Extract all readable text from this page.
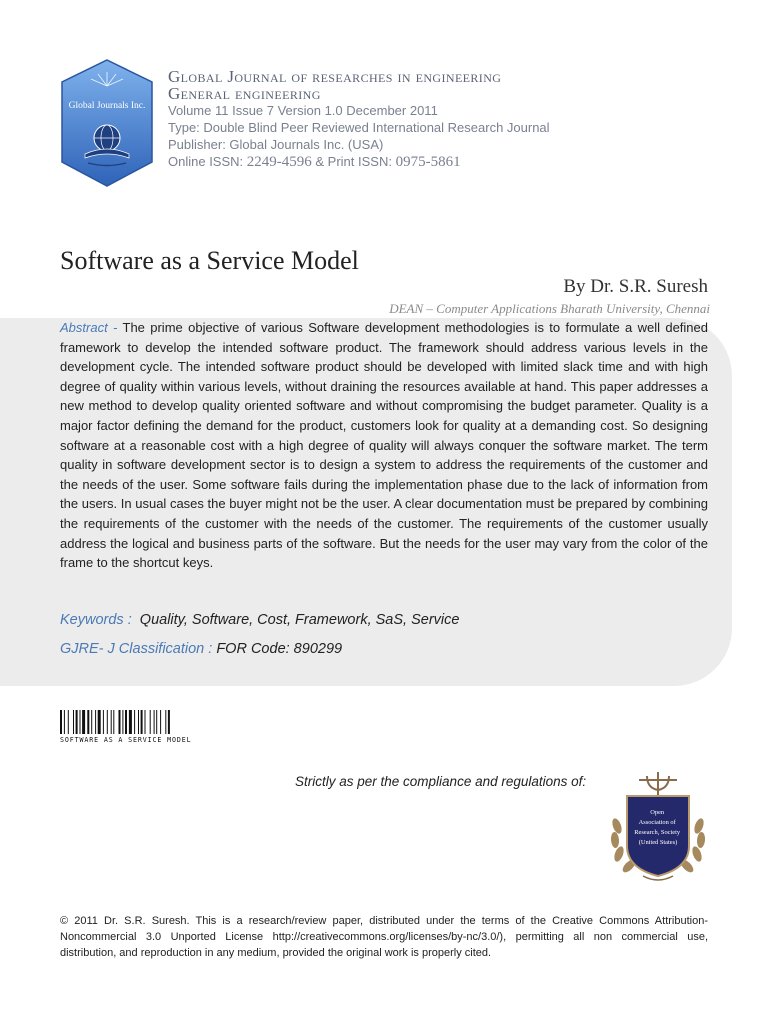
Global Journals Inc.
Global Journal of researches in engineering
General engineering
Volume 11 Issue 7 Version 1.0 December 2011
Type: Double Blind Peer Reviewed International Research Journal
Publisher: Global Journals Inc. (USA)
Online ISSN: 2249-4596 & Print ISSN: 0975-5861
Software as a Service Model
By Dr. S.R. Suresh
DEAN – Computer Applications Bharath University, Chennai
Abstract - The prime objective of various Software development methodologies is to formulate a well defined framework to develop the intended software product. The framework should address various levels in the development cycle. The intended software product should be developed with limited slack time and with high degree of quality within various levels, without draining the resources available at hand. This paper addresses a new method to develop quality oriented software and without compromising the budget parameter. Quality is a major factor defining the demand for the product, customers look for quality at a demanding cost. So designing software at a reasonable cost with a high degree of quality will always conquer the software market. The term quality in software development sector is to design a system to address the requirements of the customer and the needs of the user. Some software fails during the implementation phase due to the lack of information from the users. In usual cases the buyer might not be the user. A clear documentation must be prepared by combining the requirements of the customer with the needs of the customer. The requirements of the customer usually address the logical and business parts of the software. But the needs for the user may vary from the color of the frame to the shortcut keys.
Keywords : Quality, Software, Cost, Framework, SaS, Service
GJRE- J Classification : FOR Code: 890299
SOFTWARE AS A SERVICE MODEL
Strictly as per the compliance and regulations of:
Open Association of Research, Society (United States)
© 2011 Dr. S.R. Suresh. This is a research/review paper, distributed under the terms of the Creative Commons Attribution-Noncommercial 3.0 Unported License http://creativecommons.org/licenses/by-nc/3.0/), permitting all non commercial use, distribution, and reproduction in any medium, provided the original work is properly cited.
